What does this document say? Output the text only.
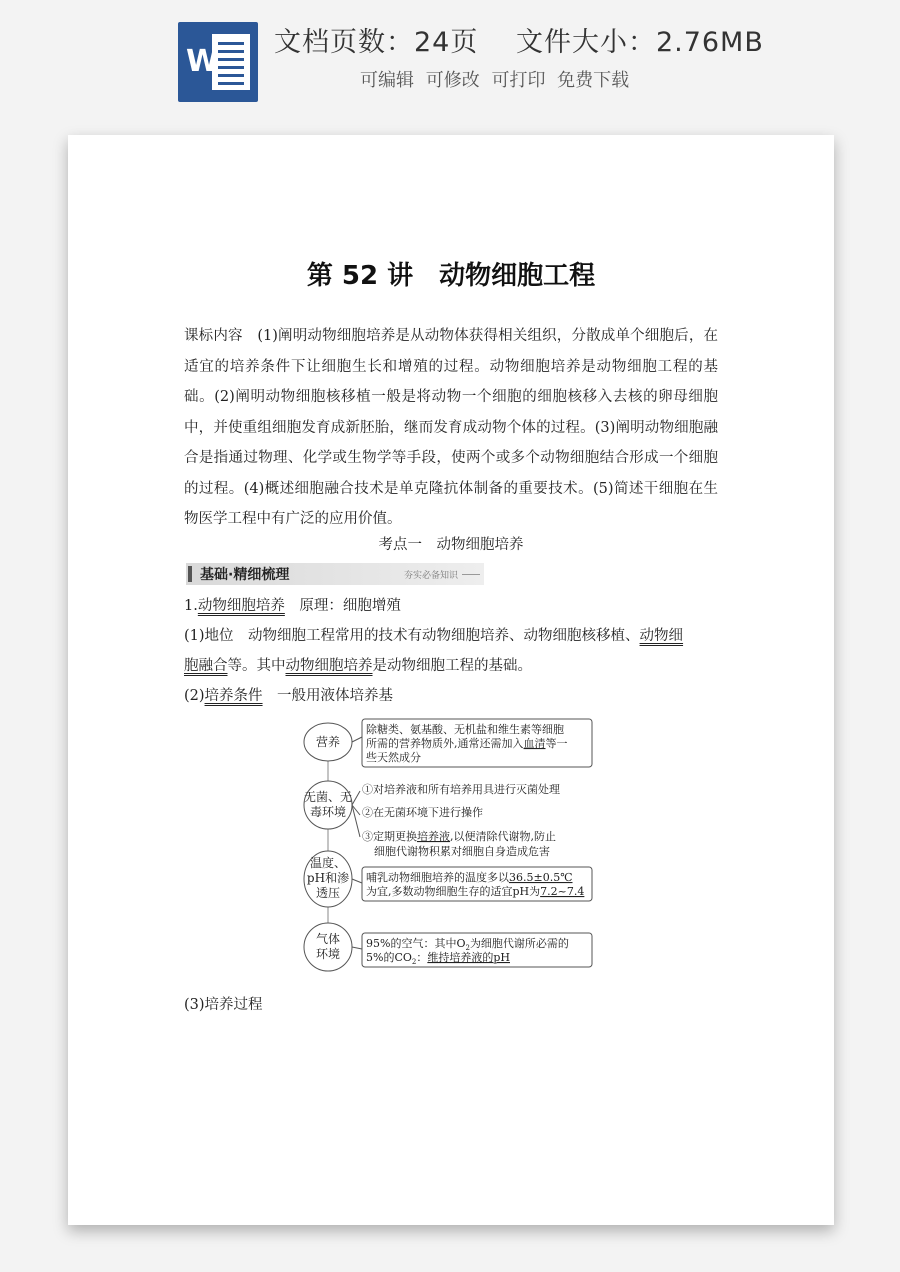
W
文档页数：24页　 文件大小：2.76MB
可编辑 可修改 可打印 免费下载
第 52 讲　动物细胞工程

课标内容　(1)阐明动物细胞培养是从动物体获得相关组织，分散成单个细胞后，在适宜的培养条件下让细胞生长和增殖的过程。动物细胞培养是动物细胞工程的基础。(2)阐明动物细胞核移植一般是将动物一个细胞的细胞核移入去核的卵母细胞中，并使重组细胞发育成新胚胎，继而发育成动物个体的过程。(3)阐明动物细胞融合是指通过物理、化学或生物学等手段，使两个或多个动物细胞结合形成一个细胞的过程。(4)概述细胞融合技术是单克隆抗体制备的重要技术。(5)简述干细胞在生物医学工程中有广泛的应用价值。

考点一　动物细胞培养
基础·精细梳理	夯实必备知识
1.动物细胞培养　原理：细胞增殖
(1)地位　动物细胞工程常用的技术有动物细胞培养、动物细胞核移植、动物细
胞融合等。其中动物细胞培养是动物细胞工程的基础。
(2)培养条件　一般用液体培养基
营养
无菌、无
毒环境
温度、
pH和渗
透压
气体
环境
除糖类、氨基酸、无机盐和维生素等细胞
所需的营养物质外,通常还需加入血清等一
些天然成分
①对培养液和所有培养用具进行灭菌处理
②在无菌环境下进行操作
③定期更换培养液,以便清除代谢物,防止
细胞代谢物积累对细胞自身造成危害
哺乳动物细胞培养的温度多以36.5±0.5℃
为宜,多数动物细胞生存的适宜pH为7.2~7.4
95%的空气：其中$O_2$为细胞代谢所必需的
5%的$CO_2$：维持培养液的pH
(3)培养过程
